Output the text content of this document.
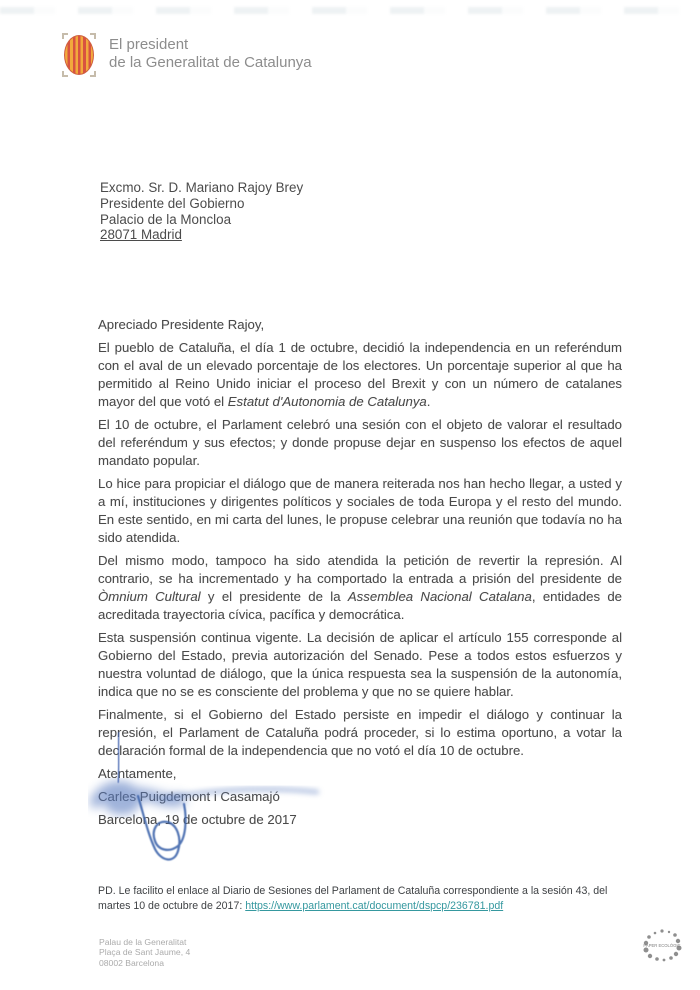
El president
de la Generalitat de Catalunya
Excmo. Sr. D. Mariano Rajoy Brey
Presidente del Gobierno
Palacio de la Moncloa
28071 Madrid

Apreciado Presidente Rajoy,

El pueblo de Cataluña, el día 1 de octubre, decidió la independencia en un referéndum con el aval de un elevado porcentaje de los electores. Un porcentaje superior al que ha permitido al Reino Unido iniciar el proceso del Brexit y con un número de catalanes mayor del que votó el Estatut d'Autonomia de Catalunya.

El 10 de octubre, el Parlament celebró una sesión con el objeto de valorar el resultado del referéndum y sus efectos; y donde propuse dejar en suspenso los efectos de aquel mandato popular.

Lo hice para propiciar el diálogo que de manera reiterada nos han hecho llegar, a usted y a mí, instituciones y dirigentes políticos y sociales de toda Europa y el resto del mundo. En este sentido, en mi carta del lunes, le propuse celebrar una reunión que todavía no ha sido atendida.

Del mismo modo, tampoco ha sido atendida la petición de revertir la represión. Al contrario, se ha incrementado y ha comportado la entrada a prisión del presidente de Òmnium Cultural y el presidente de la Assemblea Nacional Catalana, entidades de acreditada trayectoria cívica, pacífica y democrática.

Esta suspensión continua vigente. La decisión de aplicar el artículo 155 corresponde al Gobierno del Estado, previa autorización del Senado. Pese a todos estos esfuerzos y nuestra voluntad de diálogo, que la única respuesta sea la suspensión de la autonomía, indica que no se es consciente del problema y que no se quiere hablar.

Finalmente, si el Gobierno del Estado persiste en impedir el diálogo y continuar la represión, el Parlament de Cataluña podrá proceder, si lo estima oportuno, a votar la declaración formal de la independencia que no votó el día 10 de octubre.

Atentamente,

Carles Puigdemont i Casamajó

Barcelona, 19 de octubre de 2017

PD. Le facilito el enlace al Diario de Sesiones del Parlament de Cataluña correspondiente a la sesión 43, del martes 10 de octubre de 2017: https://www.parlament.cat/document/dspcp/236781.pdf
Palau de la Generalitat
Plaça de Sant Jaume, 4
08002 Barcelona
PAPER ECOLÒGIC
